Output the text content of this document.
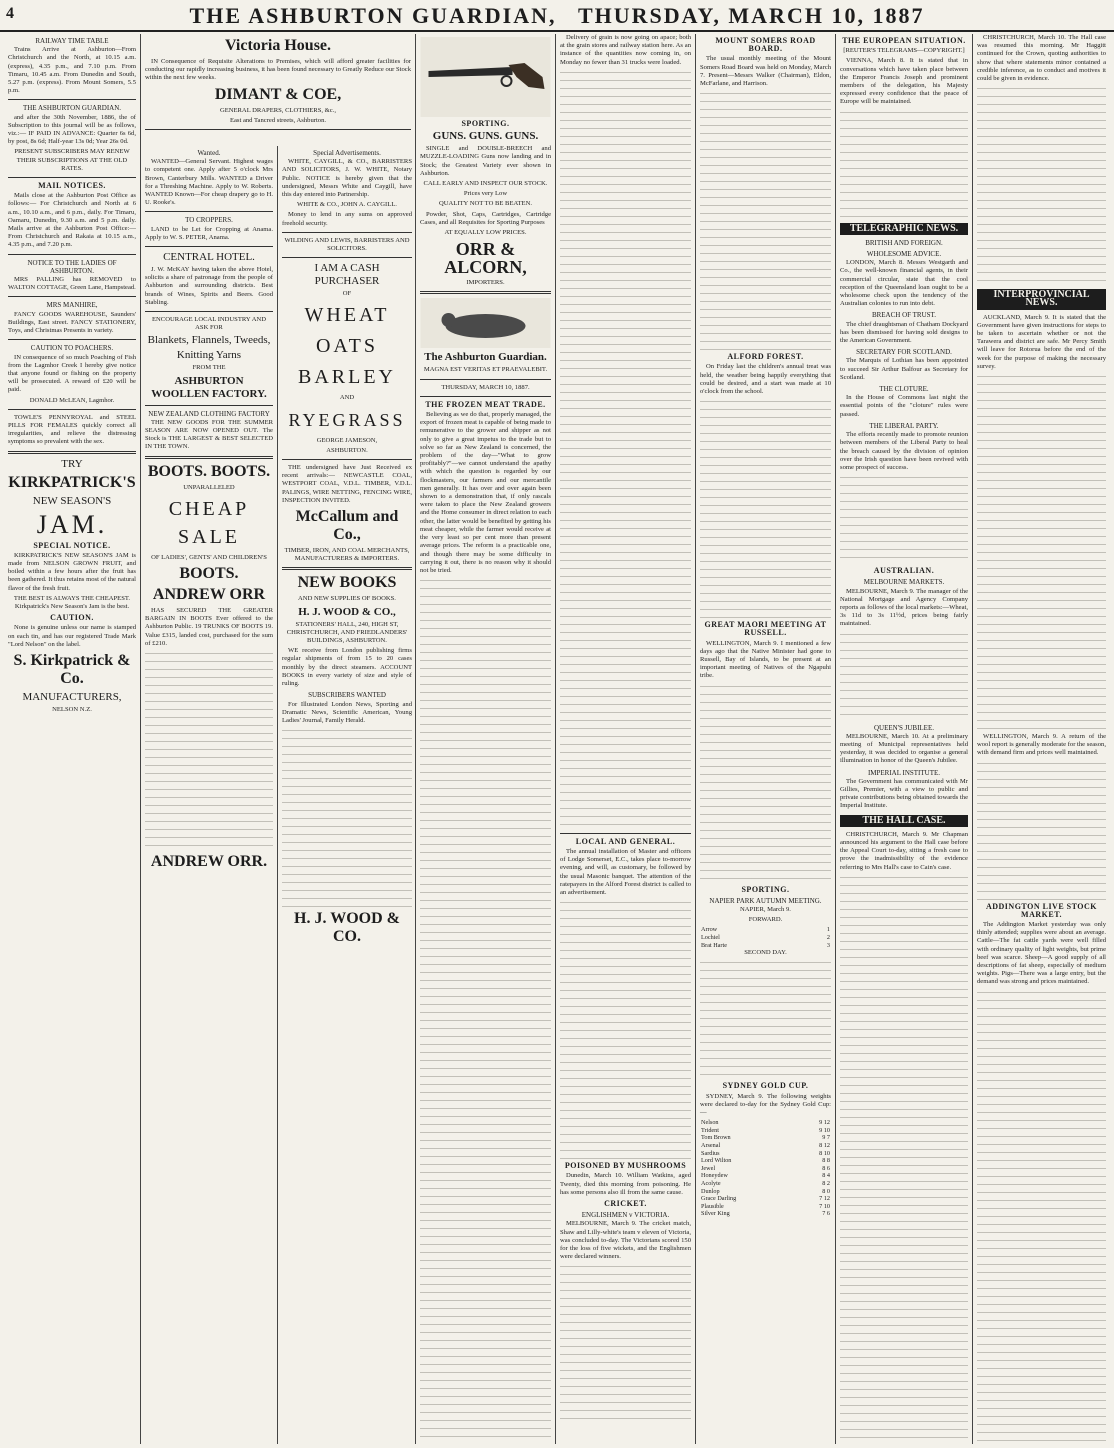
4	THE ASHBURTON GUARDIAN, THURSDAY, MARCH 10, 1887
RAILWAY TIME TABLE

Trains Arrive at Ashburton—From Christchurch and the North, at 10.15 a.m. (express), 4.35 p.m., and 7.10 p.m. From Timaru, 10.45 a.m. From Dunedin and South, 5.27 p.m. (express). From Mount Somers, 5.5 p.m.

THE ASHBURTON GUARDIAN.

and after the 30th November, 1886, the of Subscription to this journal will be as follows, viz.:— IF PAID IN ADVANCE: Quarter 6s 6d, by post, 8s 6d; Half-year 13s 0d; Year 26s 0d.

PRESENT SUBSCRIBERS MAY RENEW THEIR SUBSCRIPTIONS AT THE OLD RATES.

MAIL NOTICES.

Mails close at the Ashburton Post Office as follows:— For Christchurch and North at 6 a.m., 10.10 a.m., and 6 p.m., daily. For Timaru, Oamaru, Dunedin, 9.30 a.m. and 5 p.m. daily. Mails arrive at the Ashburton Post Office:— From Christchurch and Rakaia at 10.15 a.m., 4.35 p.m., and 7.20 p.m.

NOTICE TO THE LADIES OF ASHBURTON.

MRS PALLING has REMOVED to WALTON COTTAGE, Green Lane, Hampstead.

MRS MANHIRE,

FANCY GOODS WAREHOUSE, Saunders' Buildings, East street. FANCY STATIONERY, Toys, and Christmas Presents in variety.

CAUTION TO POACHERS.

IN consequence of so much Poaching of Fish from the Lagmhor Creek I hereby give notice that anyone found or fishing on the property will be prosecuted. A reward of £20 will be paid.

DONALD McLEAN, Lagmhor.

TOWLE'S PENNYROYAL and STEEL PILLS FOR FEMALES quickly correct all irregularities, and relieve the distressing symptoms so prevalent with the sex.

TRY
KIRKPATRICK'S
NEW SEASON'S
JAM.
SPECIAL NOTICE.

KIRKPATRICK'S NEW SEASON'S JAM is made from NELSON GROWN FRUIT, and boiled within a few hours after the fruit has been gathered. It thus retains most of the natural flavor of the fresh fruit.

THE BEST IS ALWAYS THE CHEAPEST. Kirkpatrick's New Season's Jam is the best.

CAUTION.

None is genuine unless our name is stamped on each tin, and has our registered Trade Mark "Lord Nelson" on the label.

S. Kirkpatrick & Co.
MANUFACTURERS,

NELSON N.Z.

Victoria House.

IN Consequence of Requisite Alterations to Premises, which will afford greater facilities for conducting our rapidly increasing business, it has been found necessary to Greatly Reduce our Stock within the next few weeks.

DIMANT & COE,

GENERAL DRAPERS, CLOTHIERS, &c.,

East and Tancred streets, Ashburton.

Wanted.

WANTED—General Servant. Highest wages to competent one. Apply after 5 o'clock Mrs Brown, Canterbury Mills. WANTED a Driver for a Threshing Machine. Apply to W. Roberts. WANTED Known—For cheap drapery go to H. U. Rooke's.

TO CROPPERS.

LAND to be Let for Cropping at Anama. Apply to W. S. PETER, Anama.

CENTRAL HOTEL.

J. W. McKAY having taken the above Hotel, solicits a share of patronage from the people of Ashburton and surrounding districts. Best brands of Wines, Spirits and Beers. Good Stabling.

ENCOURAGE LOCAL INDUSTRY AND ASK FOR

Blankets, Flannels, Tweeds,
Knitting Yarns

FROM THE

ASHBURTON WOOLLEN FACTORY.
NEW ZEALAND CLOTHING FACTORY

THE NEW GOODS FOR THE SUMMER SEASON ARE NOW OPENED OUT. The Stock is THE LARGEST & BEST SELECTED IN THE TOWN.

BOOTS. BOOTS.

UNPARALLELED

CHEAP SALE

OF LADIES', GENTS' AND CHILDREN'S

BOOTS.
ANDREW ORR

HAS SECURED THE GREATER BARGAIN IN BOOTS Ever offered to the Ashburton Public. 19 TRUNKS OF BOOTS 19. Value £315, landed cost, purchased for the sum of £210.

ANDREW ORR.
Special Advertisements.

WHITE, CAYGILL, & CO., BARRISTERS AND SOLICITORS, J. W. WHITE, Notary Public. NOTICE is hereby given that the undersigned, Messrs White and Caygill, have this day entered into Partnership.

WHITE & CO., JOHN A. CAYGILL.

Money to lend in any sums on approved freehold security.

WILDING AND LEWIS, BARRISTERS AND SOLICITORS.

I AM A CASH PURCHASER

OF

WHEAT
OATS
BARLEY

AND

RYEGRASS

GEORGE JAMESON,

ASHBURTON.

THE undersigned have Just Received ex recent arrivals:— NEWCASTLE COAL, WESTPORT COAL, V.D.L. TIMBER, V.D.L. PALINGS, WIRE NETTING, FENCING WIRE, INSPECTION INVITED.

McCallum and Co.,

TIMBER, IRON, AND COAL MERCHANTS, MANUFACTURERS & IMPORTERS.

NEW BOOKS

AND NEW SUPPLIES OF BOOKS.

H. J. WOOD & CO.,

STATIONERS' HALL, 240, HIGH ST, CHRISTCHURCH, AND FRIEDLANDERS' BUILDINGS, ASHBURTON.

WE receive from London publishing firms regular shipments of from 15 to 20 cases monthly by the direct steamers. ACCOUNT BOOKS in every variety of size and style of ruling.

SUBSCRIBERS WANTED

For Illustrated London News, Sporting and Dramatic News, Scientific American, Young Ladies' Journal, Family Herald.

H. J. WOOD & CO.
SPORTING.
GUNS. GUNS. GUNS.

SINGLE and DOUBLE-BREECH and MUZZLE-LOADING Guns now landing and in Stock; the Greatest Variety ever shown in Ashburton.

CALL EARLY AND INSPECT OUR STOCK.

Prices very Low

QUALITY NOT TO BE BEATEN.

Powder, Shot, Caps, Cartridges, Cartridge Cases, and all Requisites for Sporting Purposes

AT EQUALLY LOW PRICES.

ORR & ALCORN,

IMPORTERS.

The Ashburton Guardian.

MAGNA EST VERITAS ET PRAEVALEBIT.

THURSDAY, MARCH 10, 1887.

THE FROZEN MEAT TRADE.

Believing as we do that, properly managed, the export of frozen meat is capable of being made to remunerative to the grower and shipper as not only to give a great impetus to the trade but to solve so far as New Zealand is concerned, the problem of the day—"What to grow profitably?"—we cannot understand the apathy with which the question is regarded by our flockmasters, our farmers and our mercantile men generally. It has over and over again been shown to a demonstration that, if only rascals were taken to place the New Zealand growers and the Home consumer in direct relation to each other, the latter would be benefited by getting his meat cheaper, while the farmer would receive at the very least so per cent more than present average prices. The reform is a practicable one, and though there may be some difficulty in carrying it out, there is no reason why it should not be tried.

Delivery of grain is now going on apace; both at the grain stores and railway station here. As an instance of the quantities now coming in, on Monday no fewer than 31 trucks were loaded.

LOCAL AND GENERAL.

The annual installation of Master and officers of Lodge Somerset, E.C., takes place to-morrow evening, and will, as customary, be followed by the usual Masonic banquet. The attention of the ratepayers in the Alford Forest district is called to an advertisement.

POISONED BY MUSHROOMS

Dunedin, March 10. William Watkins, aged Twenty, died this morning from poisoning. He has some persons also ill from the same cause.

CRICKET.
ENGLISHMEN v VICTORIA.

MELBOURNE, March 9. The cricket match, Shaw and Lilly-white's team v eleven of Victoria, was concluded to-day. The Victorians scored 150 for the loss of five wickets, and the Englishmen were declared winners.

MOUNT SOMERS ROAD BOARD.

The usual monthly meeting of the Mount Somers Road Board was held on Monday, March 7. Present—Messrs Walker (Chairman), Eldon, McFarlane, and Harrison.

ALFORD FOREST.

On Friday last the children's annual treat was held, the weather being happily everything that could be desired, and a start was made at 10 o'clock from the school.

GREAT MAORI MEETING AT RUSSELL.

WELLINGTON, March 9. I mentioned a few days ago that the Native Minister had gone to Russell, Bay of Islands, to be present at an important meeting of Natives of the Ngapuhi tribe.

SPORTING.
NAPIER PARK AUTUMN MEETING.

NAPIER, March 9.

FORWARD.

Arrow	1
Lochiel	2
Brat Harte	3

SECOND DAY.

SYDNEY GOLD CUP.

SYDNEY, March 9. The following weights were declared to-day for the Sydney Gold Cup:—

Nelson	9 12
Trident	9 10
Tom Brown	9 7
Arsenal	8 12
Sardius	8 10
Lord Wilton	8 8
Jewel	8 6
Honeydew	8 4
Acolyte	8 2
Dunlop	8 0
Grace Darling	7 12
Plausible	7 10
Silver King	7 6
THE EUROPEAN SITUATION.

[REUTER'S TELEGRAMS—COPYRIGHT.]

VIENNA, March 8. It is stated that in conversations which have taken place between the Emperor Francis Joseph and prominent members of the delegation, his Majesty expressed every confidence that the peace of Europe will be maintained.

TELEGRAPHIC NEWS.
BRITISH AND FOREIGN.
WHOLESOME ADVICE.

LONDON, March 8. Messrs Westgarth and Co., the well-known financial agents, in their commercial circular, state that the cool reception of the Queensland loan ought to be a wholesome check upon the tendency of the Australian colonies to run into debt.

BREACH OF TRUST.

The chief draughtsman of Chatham Dockyard has been dismissed for having sold designs to the American Government.

SECRETARY FOR SCOTLAND.

The Marquis of Lothian has been appointed to succeed Sir Arthur Balfour as Secretary for Scotland.

THE CLOTURE.

In the House of Commons last night the essential points of the "cloture" rules were passed.

THE LIBERAL PARTY.

The efforts recently made to promote reunion between members of the Liberal Party to heal the breach caused by the division of opinion over the Irish question have been revived with some prospect of success.

AUSTRALIAN.
MELBOURNE MARKETS.

MELBOURNE, March 9. The manager of the National Mortgage and Agency Company reports as follows of the local markets:—Wheat, 3s 11d to 3s 11½d, prices being fairly maintained.

QUEEN'S JUBILEE.

MELBOURNE, March 10. At a preliminary meeting of Municipal representatives held yesterday, it was decided to organise a general illumination in honor of the Queen's Jubilee.

IMPERIAL INSTITUTE.

The Government has communicated with Mr Gillies, Premier, with a view to public and private contributions being obtained towards the Imperial Institute.

THE HALL CASE.

CHRISTCHURCH, March 9. Mr Chapman announced his argument to the Hall case before the Appeal Court to-day, sitting a fresh case to prove the inadmissibility of the evidence referring to Mrs Hall's case to Cain's case.

CHRISTCHURCH, March 10. The Hall case was resumed this morning. Mr Haggitt continued for the Crown, quoting authorities to show that where statements minor contained a credible inference, as to conduct and motives it could be given in evidence.

INTERPROVINCIAL NEWS.

AUCKLAND, March 9. It is stated that the Government have given instructions for steps to be taken to ascertain whether or not the Tarawera and district are safe. Mr Percy Smith will leave for Rotorua before the end of the week for the purpose of making the necessary survey.

WELLINGTON, March 9. A return of the wool report is generally moderate for the season, with demand firm and prices well maintained.

ADDINGTON LIVE STOCK MARKET.

The Addington Market yesterday was only thinly attended; supplies were about an average. Cattle—The fat cattle yards were well filled with ordinary quality of light weights, but prime beef was scarce. Sheep—A good supply of all descriptions of fat sheep, especially of medium weights. Pigs—There was a large entry, but the demand was strong and prices maintained.
